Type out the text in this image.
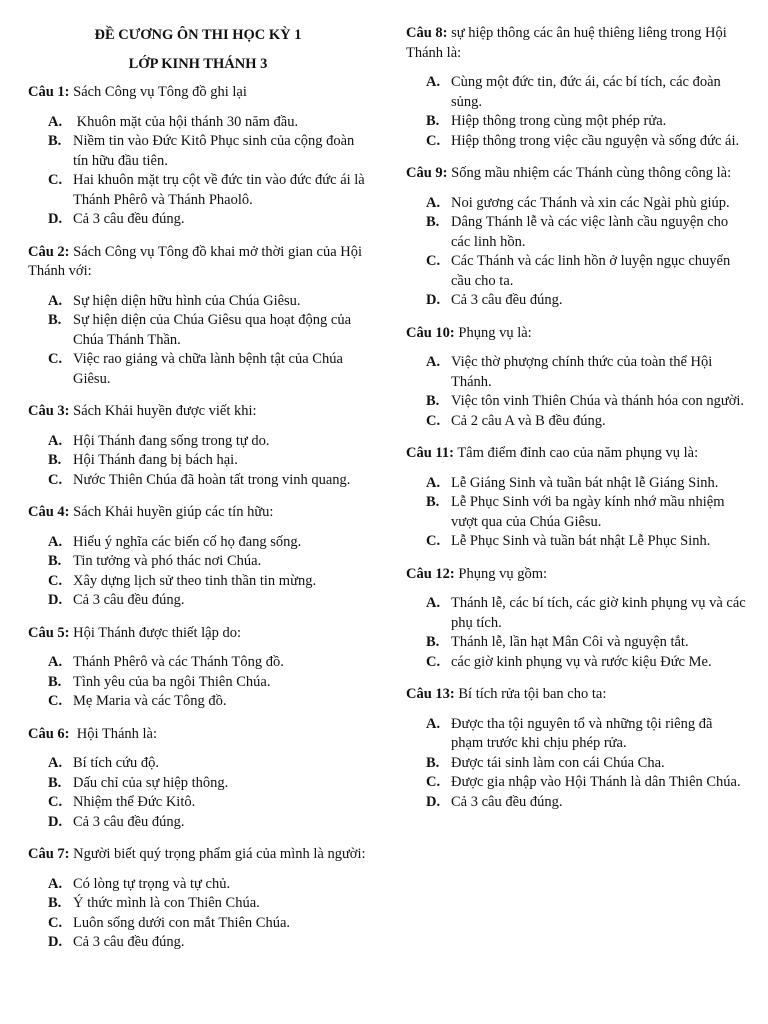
ĐỀ CƯƠNG ÔN THI HỌC KỲ 1
LỚP KINH THÁNH 3
Câu 1: Sách Công vụ Tông đồ ghi lại
A. Khuôn mặt của hội thánh 30 năm đầu.
B. Niềm tin vào Đức Kitô Phục sinh của cộng đoàn tín hữu đầu tiên.
C. Hai khuôn mặt trụ cột về đức tin vào đức đức ái là Thánh Phêrô và Thánh Phaolô.
D. Cả 3 câu đều đúng.
Câu 2: Sách Công vụ Tông đồ khai mở thời gian của Hội Thánh với:
A. Sự hiện diện hữu hình của Chúa Giêsu.
B. Sự hiện diện của Chúa Giêsu qua hoạt động của Chúa Thánh Thần.
C. Việc rao giảng và chữa lành bệnh tật của Chúa Giêsu.
Câu 3: Sách Khải huyền được viết khi:
A. Hội Thánh đang sống trong tự do.
B. Hội Thánh đang bị bách hại.
C. Nước Thiên Chúa đã hoàn tất trong vinh quang.
Câu 4: Sách Khải huyền giúp các tín hữu:
A. Hiểu ý nghĩa các biến cố họ đang sống.
B. Tin tưởng và phó thác nơi Chúa.
C. Xây dựng lịch sử theo tinh thần tin mừng.
D. Cả 3 câu đều đúng.
Câu 5: Hội Thánh được thiết lập do:
A. Thánh Phêrô và các Thánh Tông đồ.
B. Tình yêu của ba ngôi Thiên Chúa.
C. Mẹ Maria và các Tông đồ.
Câu 6:  Hội Thánh là:
A. Bí tích cứu độ.
B. Dấu chỉ của sự hiệp thông.
C. Nhiệm thể Đức Kitô.
D. Cả 3 câu đều đúng.
Câu 7: Người biết quý trọng phẩm giá của mình là người:
A. Có lòng tự trọng và tự chủ.
B. Ý thức mình là con Thiên Chúa.
C. Luôn sống dưới con mắt Thiên Chúa.
D. Cả 3 câu đều đúng.
Câu 8: sự hiệp thông các ân huệ thiêng liêng trong Hội Thánh là:
A. Cùng một đức tin, đức ái, các bí tích, các đoàn sủng.
B. Hiệp thông trong cùng một phép rửa.
C. Hiệp thông trong việc cầu nguyện và sống đức ái.
Câu 9: Sống mầu nhiệm các Thánh cùng thông công là:
A. Noi gương các Thánh và xin các Ngài phù giúp.
B. Dâng Thánh lễ và các việc lành cầu nguyện cho các linh hồn.
C. Các Thánh và các linh hồn ở luyện ngục chuyển cầu cho ta.
D. Cả 3 câu đều đúng.
Câu 10: Phụng vụ là:
A. Việc thờ phượng chính thức của toàn thể Hội Thánh.
B. Việc tôn vinh Thiên Chúa và thánh hóa con người.
C. Cả 2 câu A và B đều đúng.
Câu 11: Tâm điểm đỉnh cao của năm phụng vụ là:
A. Lễ Giáng Sinh và tuần bát nhật lễ Giáng Sinh.
B. Lễ Phục Sinh với ba ngày kính nhớ mầu nhiệm vượt qua của Chúa Giêsu.
C. Lễ Phục Sinh và tuần bát nhật Lễ Phục Sinh.
Câu 12: Phụng vụ gồm:
A. Thánh lễ, các bí tích, các giờ kinh phụng vụ và các phụ tích.
B. Thánh lễ, lần hạt Mân Côi và nguyện tắt.
C. các giờ kinh phụng vụ và rước kiệu Đức Me.
Câu 13: Bí tích rửa tội ban cho ta:
A. Được tha tội nguyên tổ và những tội riêng đã phạm trước khi chịu phép rửa.
B. Được tái sinh làm con cái Chúa Cha.
C. Được gia nhập vào Hội Thánh là dân Thiên Chúa.
D. Cả 3 câu đều đúng.
